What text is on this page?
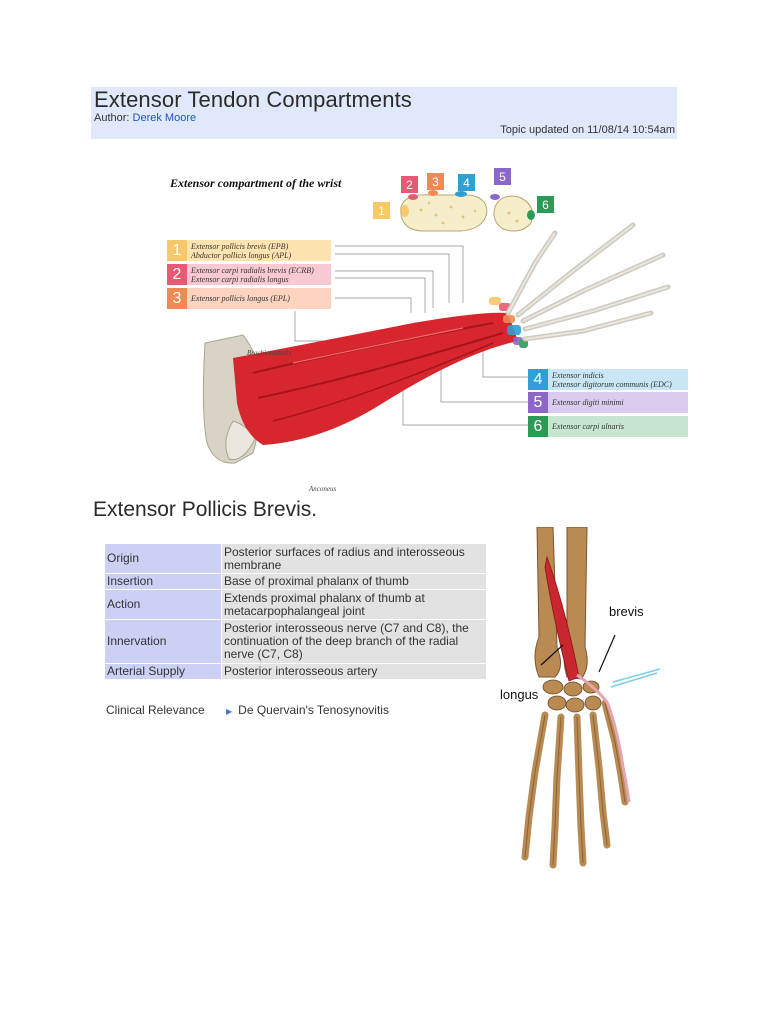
Extensor Tendon Compartments
Author: Derek Moore
Topic updated on 11/08/14 10:54am
Extensor compartment of the wrist	2	3	4	5
1	6
1	Extensor pollicis brevis (EPB)
Abductor pollicis longus (APL)
2	Extensor carpi radialis brevis (ECRB)
Extensor carpi radialis longus
3	Extensor pollicis longus (EPL)
4	Extensor indicis
Extensor digitorum communis (EDC)
5	Extensor digiti minimi
6	Extensor carpi ulnaris
Brachioradialis
Anconeus
Extensor Pollicis Brevis.
Origin	Posterior surfaces of radius and interosseous membrane
Insertion	Base of proximal phalanx of thumb
Action	Extends proximal phalanx of thumb at metacarpophalangeal joint
Innervation	Posterior interosseous nerve (C7 and C8), the continuation of the deep branch of the radial nerve (C7, C8)
Arterial Supply	Posterior interosseous artery
Clinical Relevance	▶ De Quervain's Tenosynovitis
brevis
longus
